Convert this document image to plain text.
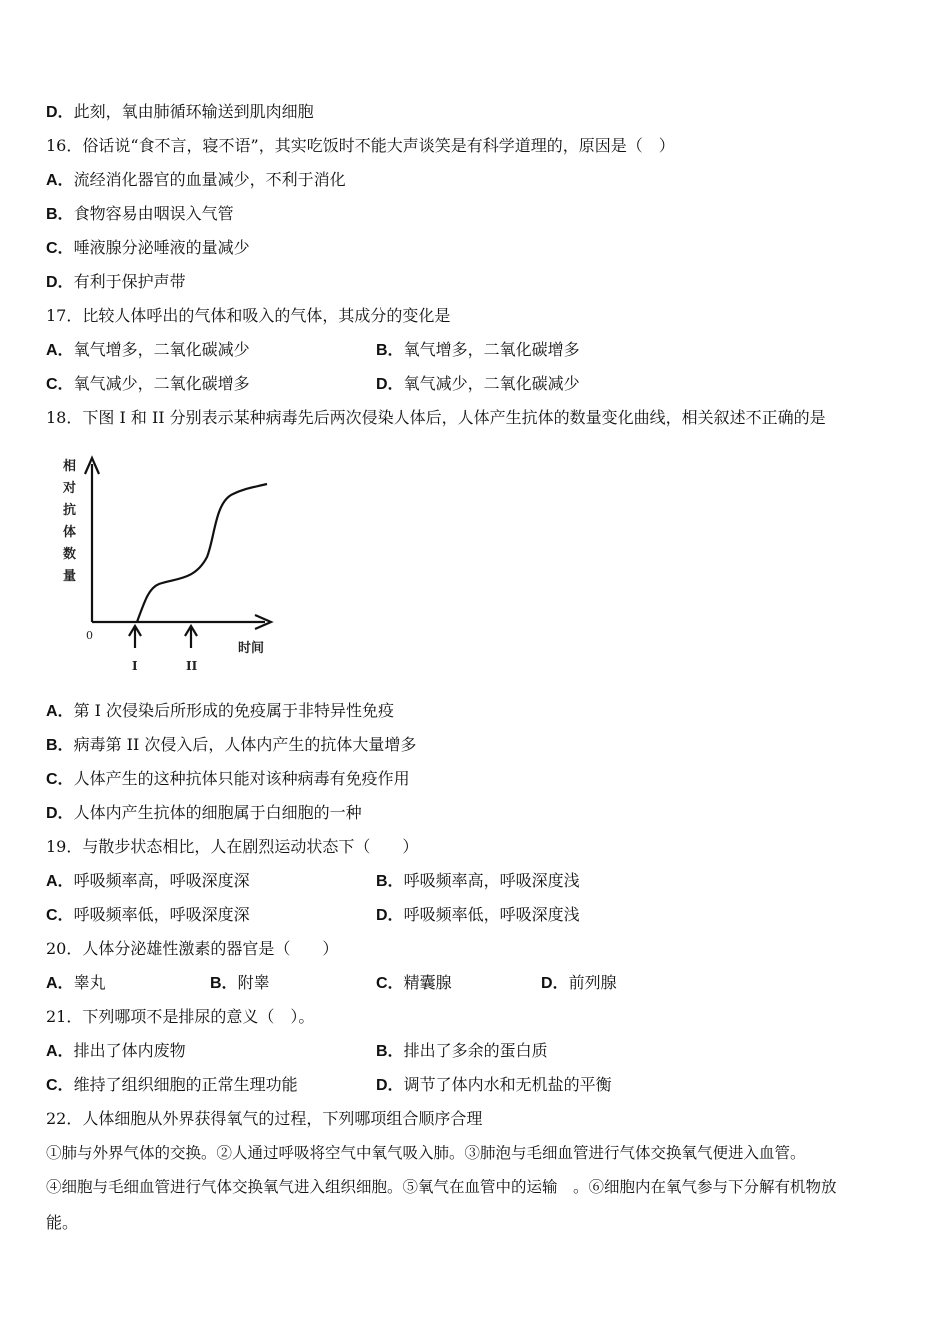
D．此刻，氧由肺循环输送到肌肉细胞
16．俗话说“食不言，寝不语”，其实吃饭时不能大声谈笑是有科学道理的，原因是（　）
A．流经消化器官的血量减少，不利于消化
B．食物容易由咽误入气管
C．唾液腺分泌唾液的量减少
D．有利于保护声带
17．比较人体呼出的气体和吸入的气体，其成分的变化是
A．氧气增多，二氧化碳减少	B．氧气增多，二氧化碳增多
C．氧气减少，二氧化碳增多	D．氧气减少，二氧化碳减少
18．下图 I 和 II 分别表示某种病毒先后两次侵染人体后，人体产生抗体的数量变化曲线，相关叙述不正确的是
相
对
抗
体
数
量
0
I	II
时间
A．第 I 次侵染后所形成的免疫属于非特异性免疫
B．病毒第 II 次侵入后，人体内产生的抗体大量增多
C．人体产生的这种抗体只能对该种病毒有免疫作用
D．人体内产生抗体的细胞属于白细胞的一种
19．与散步状态相比，人在剧烈运动状态下（　　）
A．呼吸频率高，呼吸深度深	B．呼吸频率高，呼吸深度浅
C．呼吸频率低，呼吸深度深	D．呼吸频率低，呼吸深度浅
20．人体分泌雄性激素的器官是（　　）
A．睾丸	B．附睾	C．精囊腺	D．前列腺
21．下列哪项不是排尿的意义（　）。
A．排出了体内废物	B．排出了多余的蛋白质
C．维持了组织细胞的正常生理功能	D．调节了体内水和无机盐的平衡
22．人体细胞从外界获得氧气的过程，下列哪项组合顺序合理
①肺与外界气体的交换。②人通过呼吸将空气中氧气吸入肺。③肺泡与毛细血管进行气体交换氧气便进入血管。
④细胞与毛细血管进行气体交换氧气进入组织细胞。⑤氧气在血管中的运输　。⑥细胞内在氧气参与下分解有机物放
能。
